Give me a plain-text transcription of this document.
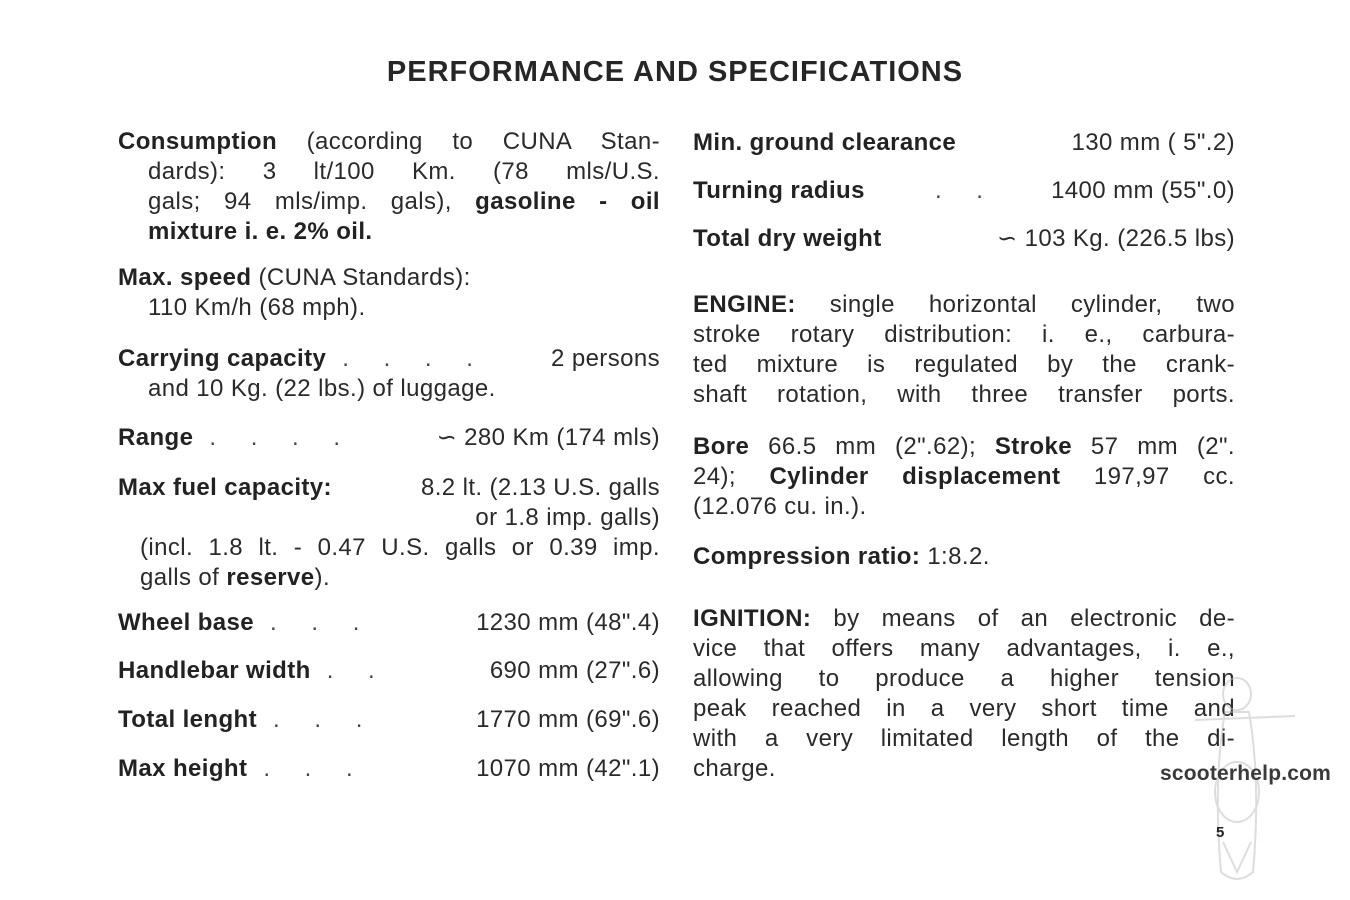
PERFORMANCE AND SPECIFICATIONS
Consumption (according to CUNA Stan-
dards): 3 lt/100 Km. (78 mls/U.S.
gals; 94 mls/imp. gals), gasoline - oil
mixture i. e. 2% oil.
Max. speed (CUNA Standards):
110 Km/h (68 mph).
Carrying capacity . . . .	2 persons
and 10 Kg. (22 lbs.) of luggage.
Range . . . .	∽ 280 Km (174 mls)
Max fuel capacity:	8.2 lt. (2.13 U.S. galls
or 1.8 imp. galls)
(incl. 1.8 lt. - 0.47 U.S. galls or 0.39 imp.
galls of reserve).
Wheel base . . .	1230 mm (48".4)
Handlebar width . .	690 mm (27".6)
Total lenght . . .	1770 mm (69".6)
Max height . . .	1070 mm (42".1)
Min. ground clearance	130 mm ( 5".2)
Turning radius	. .	1400 mm (55".0)
Total dry weight	∽ 103 Kg. (226.5 lbs)
ENGINE: single horizontal cylinder, two
stroke rotary distribution: i. e., carbura-
ted mixture is regulated by the crank-
shaft rotation, with three transfer ports.
Bore 66.5 mm (2".62); Stroke 57 mm (2".
24); Cylinder displacement 197,97 cc.
(12.076 cu. in.).
Compression ratio: 1:8.2.
IGNITION: by means of an electronic de-
vice that offers many advantages, i. e.,
allowing to produce a higher tension
peak reached in a very short time and
with a very limitated length of the di-
charge.	scooterhelp.com
5
